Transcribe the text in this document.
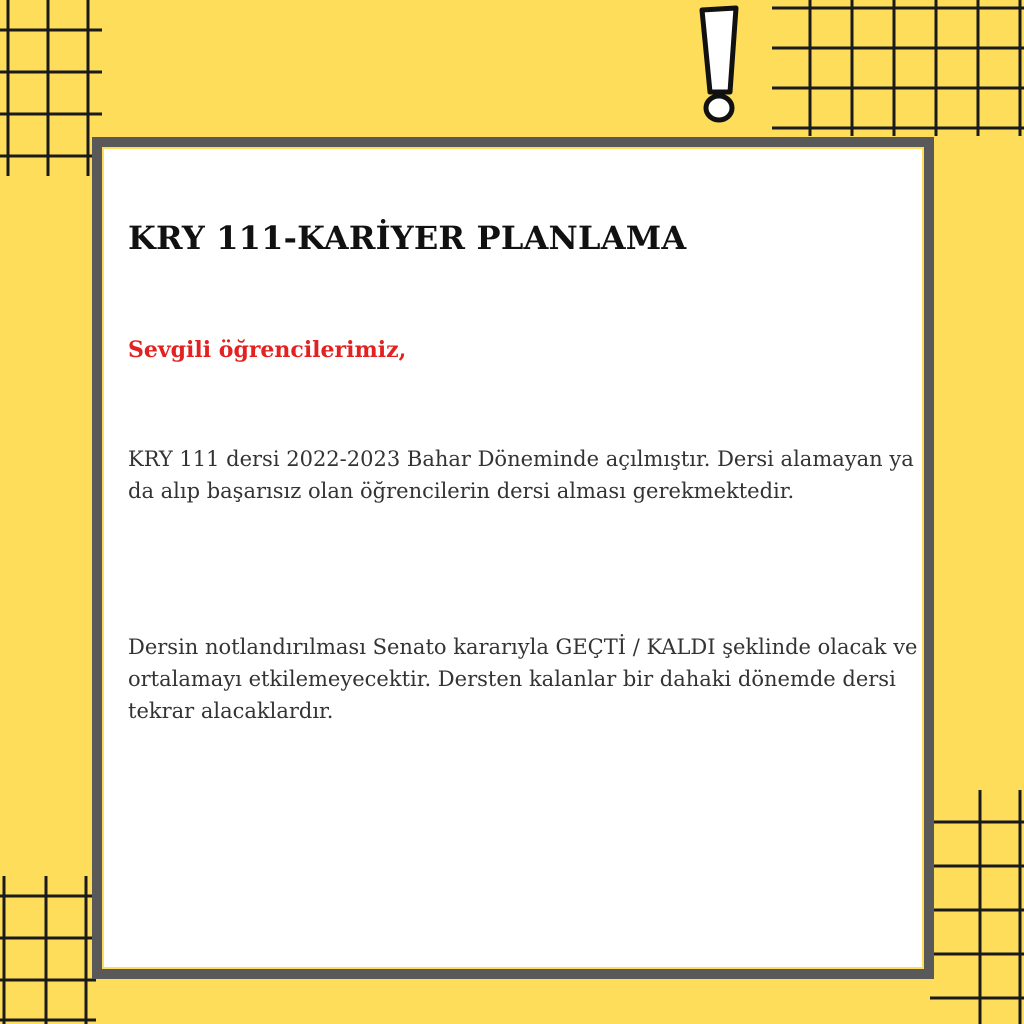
KRY 111-KARİYER PLANLAMA

Sevgili öğrencilerimiz,

KRY 111 dersi 2022-2023 Bahar Döneminde açılmıştır. Dersi alamayan ya da alıp başarısız olan öğrencilerin dersi alması gerekmektedir.

Dersin notlandırılması Senato kararıyla GEÇTİ / KALDI şeklinde olacak ve ortalamayı etkilemeyecektir. Dersten kalanlar bir dahaki dönemde dersi tekrar alacaklardır.
